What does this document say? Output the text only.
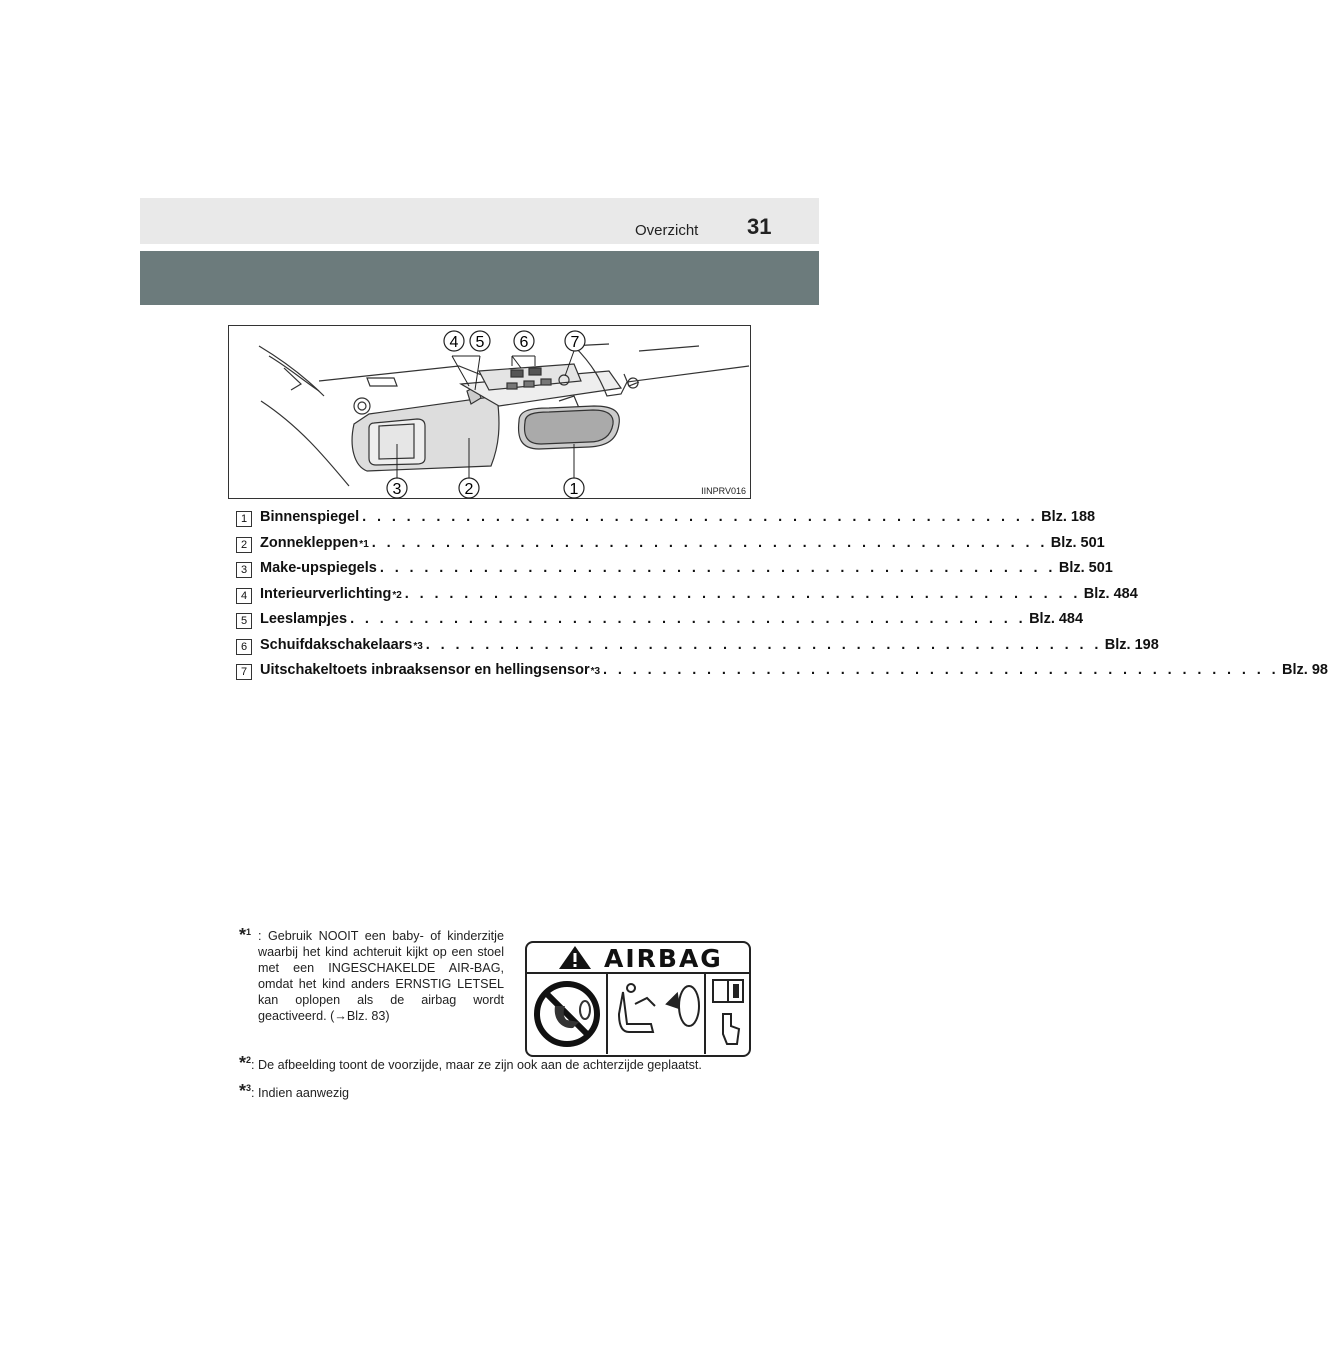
Overzicht 31
4 5 6	7
3	2	1	IINPRV016
1 Binnenspiegel . . . . . . . . . . . . . . . . . . . . . . . . . . . . . . . . . . . . . . . . . . . . . . Blz. 188
2 Zonnekleppen *1 . . . . . . . . . . . . . . . . . . . . . . . . . . . . . . . . . . . . . . . . . . . . . . Blz. 501
3 Make-upspiegels . . . . . . . . . . . . . . . . . . . . . . . . . . . . . . . . . . . . . . . . . . . . . . Blz. 501
4 Interieurverlichting *2 . . . . . . . . . . . . . . . . . . . . . . . . . . . . . . . . . . . . . . . . . . . . . . Blz. 484
5 Leeslampjes . . . . . . . . . . . . . . . . . . . . . . . . . . . . . . . . . . . . . . . . . . . . . . Blz. 484
6 Schuifdakschakelaars *3 . . . . . . . . . . . . . . . . . . . . . . . . . . . . . . . . . . . . . . . . . . . . . . Blz. 198
7 Uitschakeltoets inbraaksensor en hellingsensor *3 . . . . . . . . . . . . . . . . . . . . . . . . . . . . . . . . . . . . . . . . . . . . . . Blz. 98
*$^1$ : Gebruik NOOIT een baby- of kinderzitje waarbij het kind achteruit kijkt op een stoel met een INGESCHAKELDE AIR-BAG, omdat het kind anders ERNSTIG LETSEL kan oplopen als de airbag wordt geactiveerd. (→Blz. 83)
AIRBAG
*$^2$: De afbeelding toont de voorzijde, maar ze zijn ook aan de achterzijde geplaatst.
*$^3$: Indien aanwezig
